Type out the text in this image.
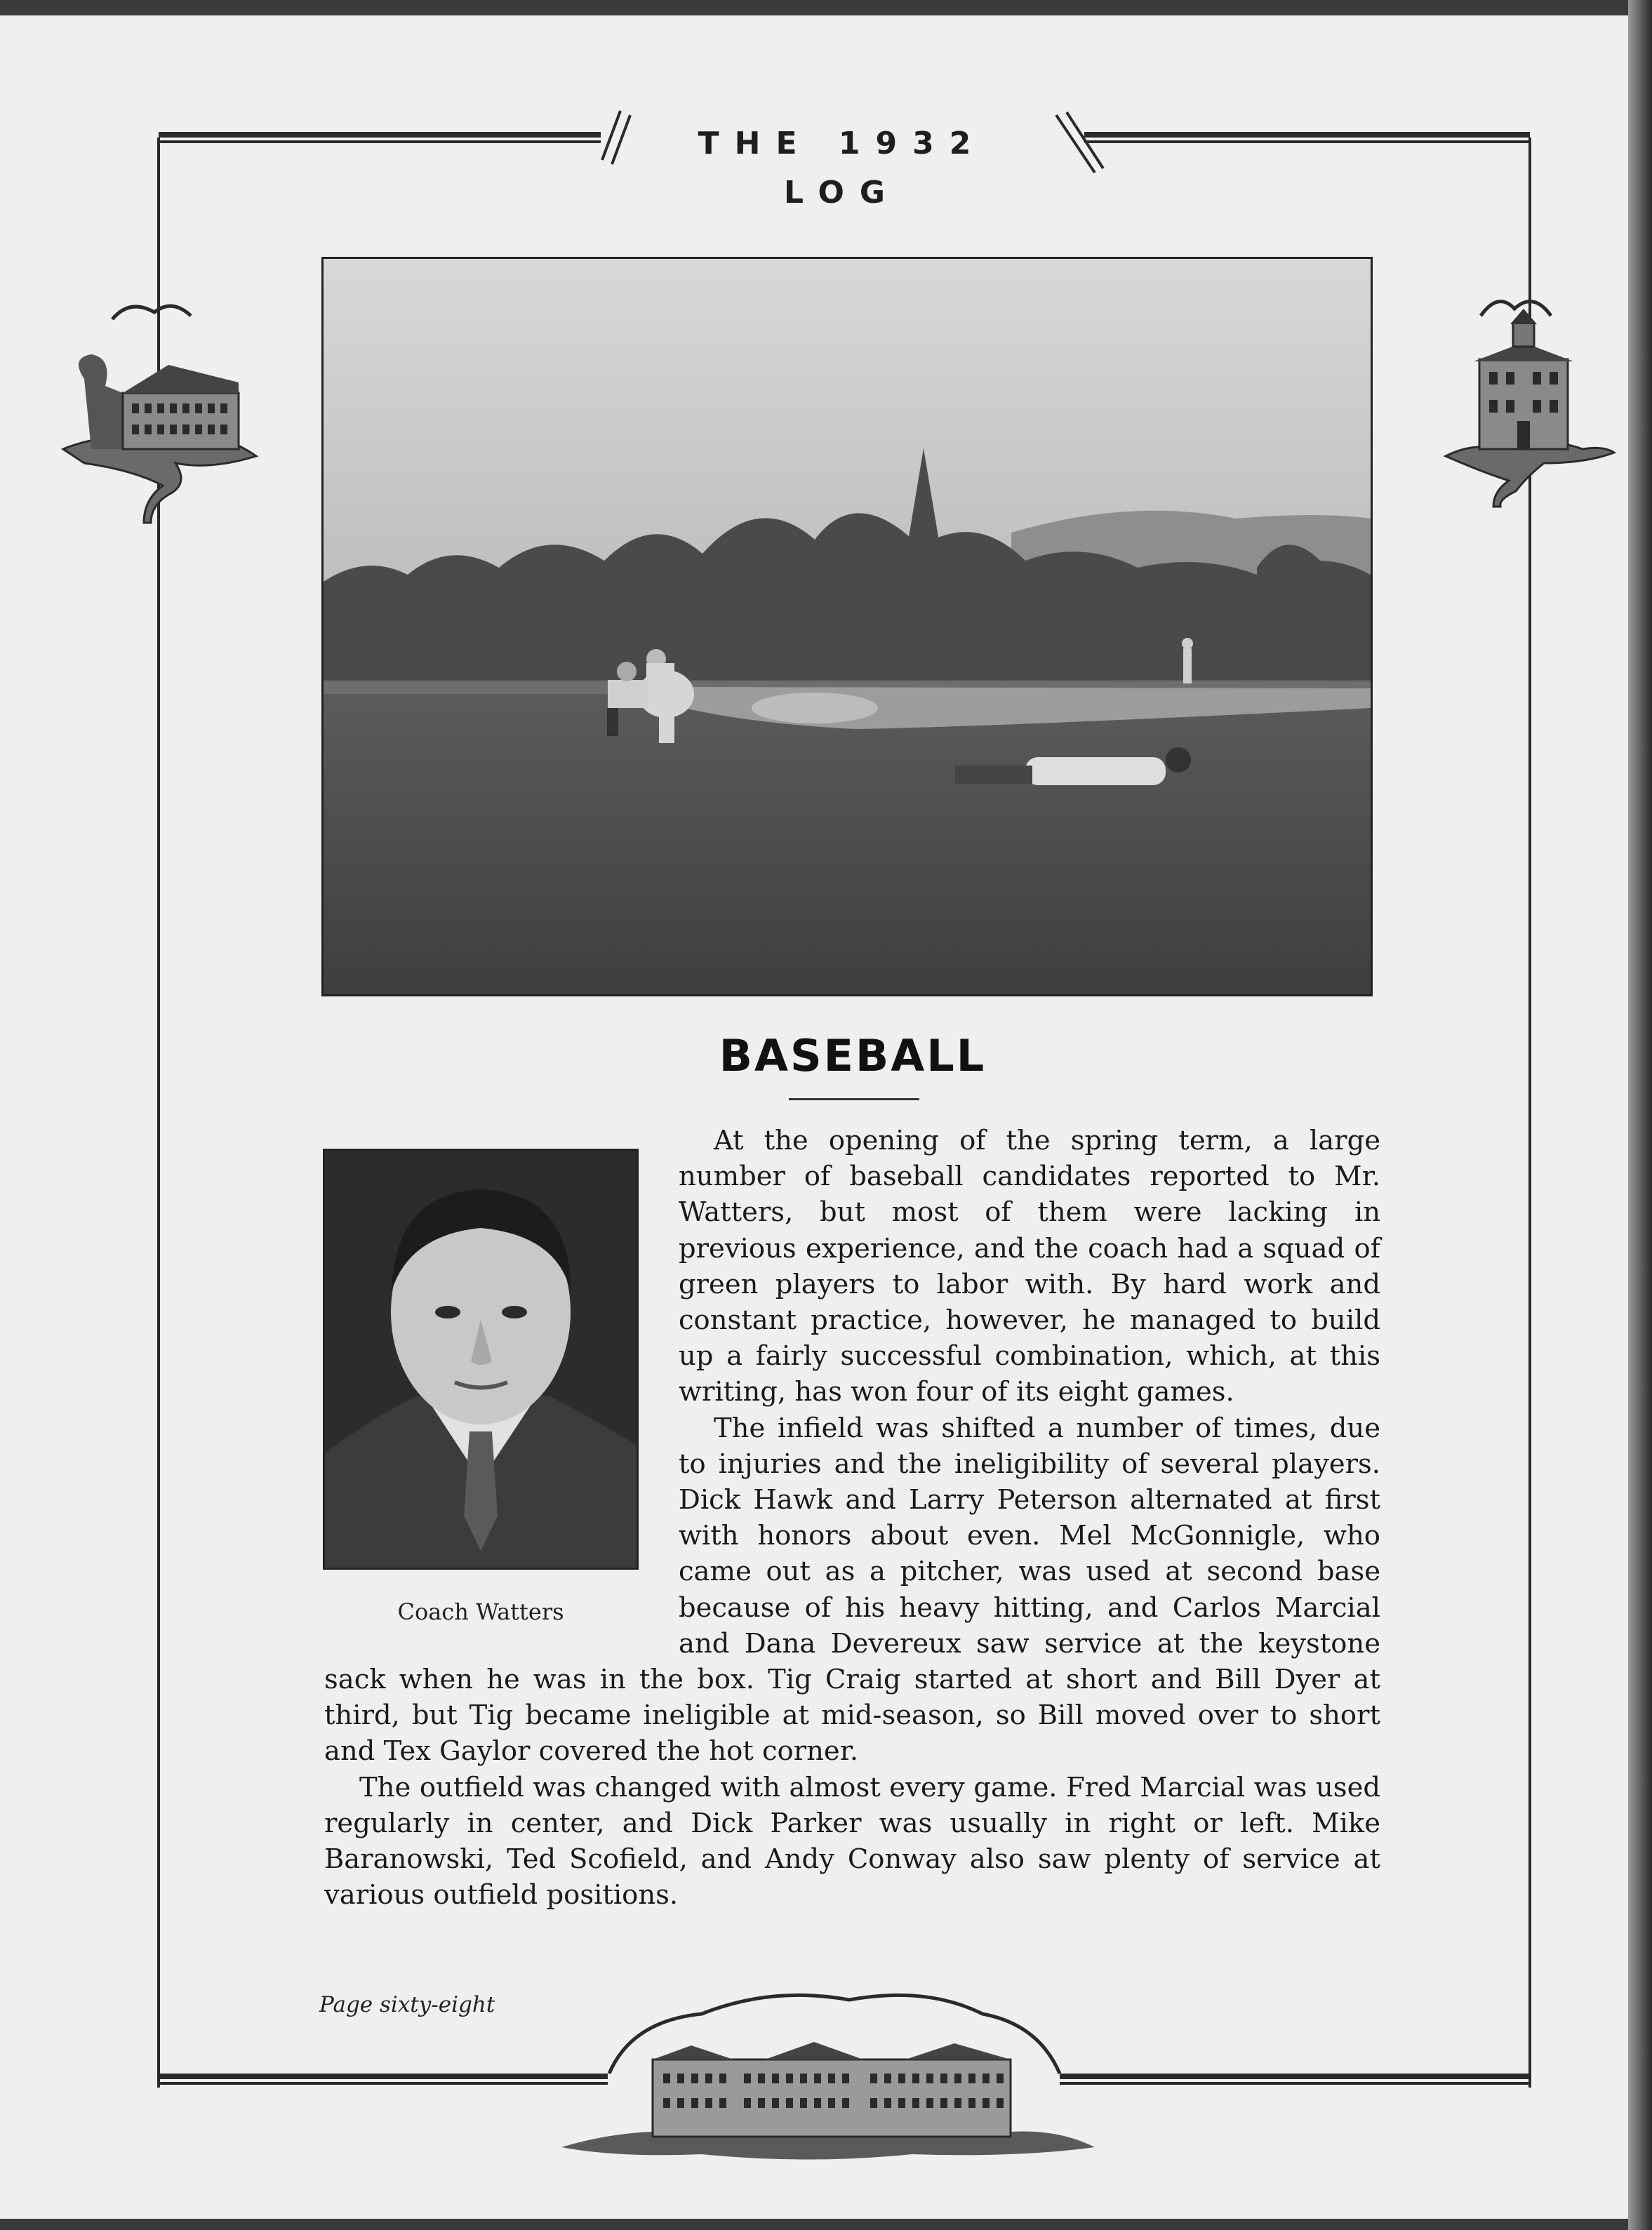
THE 1932 LOG
BASEBALL
Coach Watters

At the opening of the spring term, a large number of baseball candidates reported to Mr. Watters, but most of them were lacking in previous experience, and the coach had a squad of green players to labor with. By hard work and constant practice, however, he managed to build up a fairly successful combination, which, at this writing, has won four of its eight games.

The infield was shifted a number of times, due to injuries and the ineligibility of several players. Dick Hawk and Larry Peterson alternated at first with honors about even. Mel McGonnigle, who came out as a pitcher, was used at second base because of his heavy hitting, and Carlos Marcial and Dana Devereux saw service at the keystone sack when he was in the box. Tig Craig started at short and Bill Dyer at third, but Tig became ineligible at mid-season, so Bill moved over to short and Tex Gaylor covered the hot corner.

The outfield was changed with almost every game. Fred Marcial was used regularly in center, and Dick Parker was usually in right or left. Mike Baranowski, Ted Scofield, and Andy Conway also saw plenty of service at various outfield positions.

Page sixty-eight
